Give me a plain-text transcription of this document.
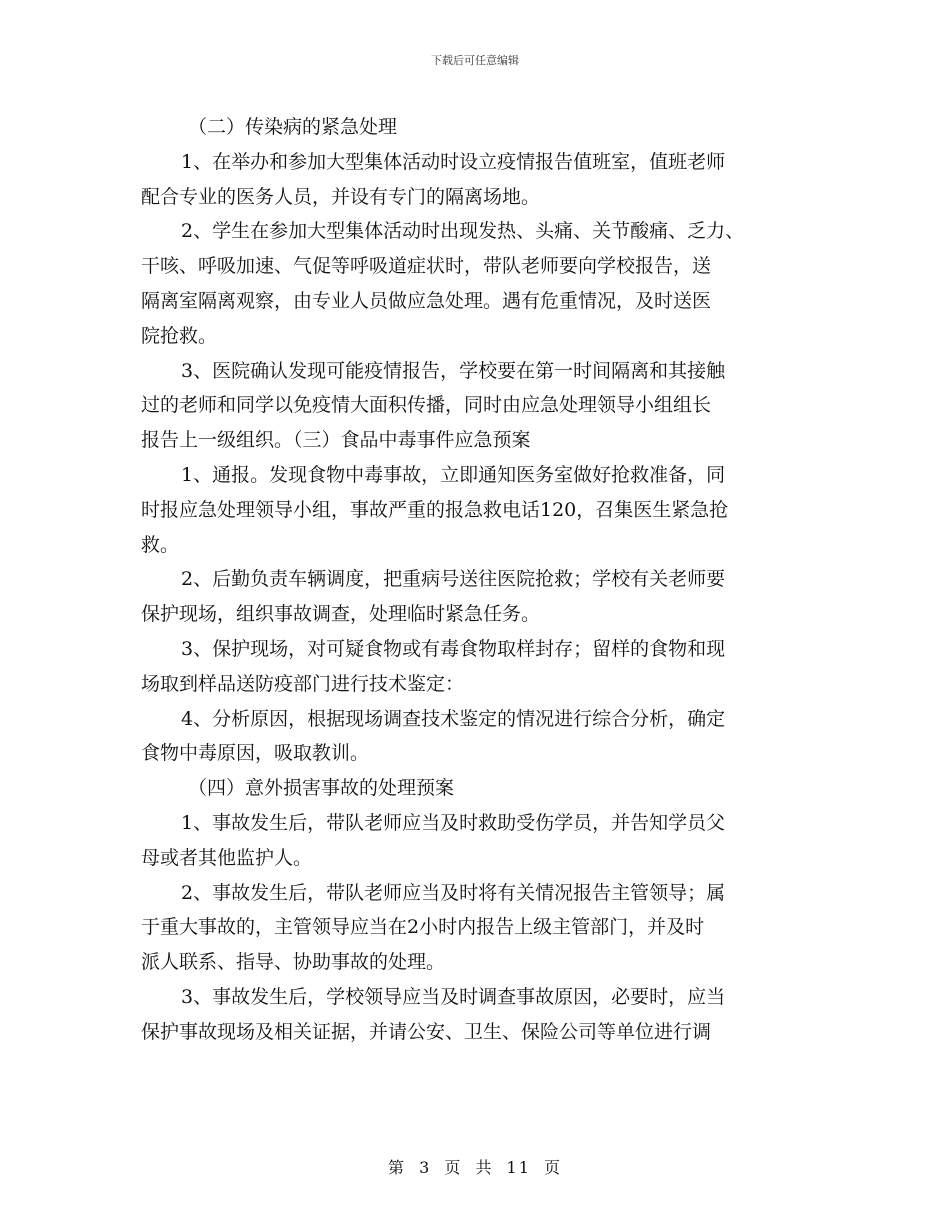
下载后可任意编辑
（二）传染病的紧急处理
1、在举办和参加大型集体活动时设立疫情报告值班室，值班老师
配合专业的医务人员，并设有专门的隔离场地。
2、学生在参加大型集体活动时出现发热、头痛、关节酸痛、乏力、
干咳、呼吸加速、气促等呼吸道症状时，带队老师要向学校报告，送
隔离室隔离观察，由专业人员做应急处理。遇有危重情况，及时送医
院抢救。
3、医院确认发现可能疫情报告，学校要在第一时间隔离和其接触
过的老师和同学以免疫情大面积传播，同时由应急处理领导小组组长
报告上一级组织。（三）食品中毒事件应急预案
1、通报。发现食物中毒事故，立即通知医务室做好抢救准备，同
时报应急处理领导小组，事故严重的报急救电话120，召集医生紧急抢
救。
2、后勤负责车辆调度，把重病号送往医院抢救；学校有关老师要
保护现场，组织事故调查，处理临时紧急任务。
3、保护现场，对可疑食物或有毒食物取样封存；留样的食物和现
场取到样品送防疫部门进行技术鉴定：
4、分析原因，根据现场调查技术鉴定的情况进行综合分析，确定
食物中毒原因，吸取教训。
（四）意外损害事故的处理预案
1、事故发生后，带队老师应当及时救助受伤学员，并告知学员父
母或者其他监护人。
2、事故发生后，带队老师应当及时将有关情况报告主管领导；属
于重大事故的，主管领导应当在2小时内报告上级主管部门，并及时
派人联系、指导、协助事故的处理。
3、事故发生后，学校领导应当及时调查事故原因，必要时，应当
保护事故现场及相关证据，并请公安、卫生、保险公司等单位进行调
第 3 页 共 11 页
